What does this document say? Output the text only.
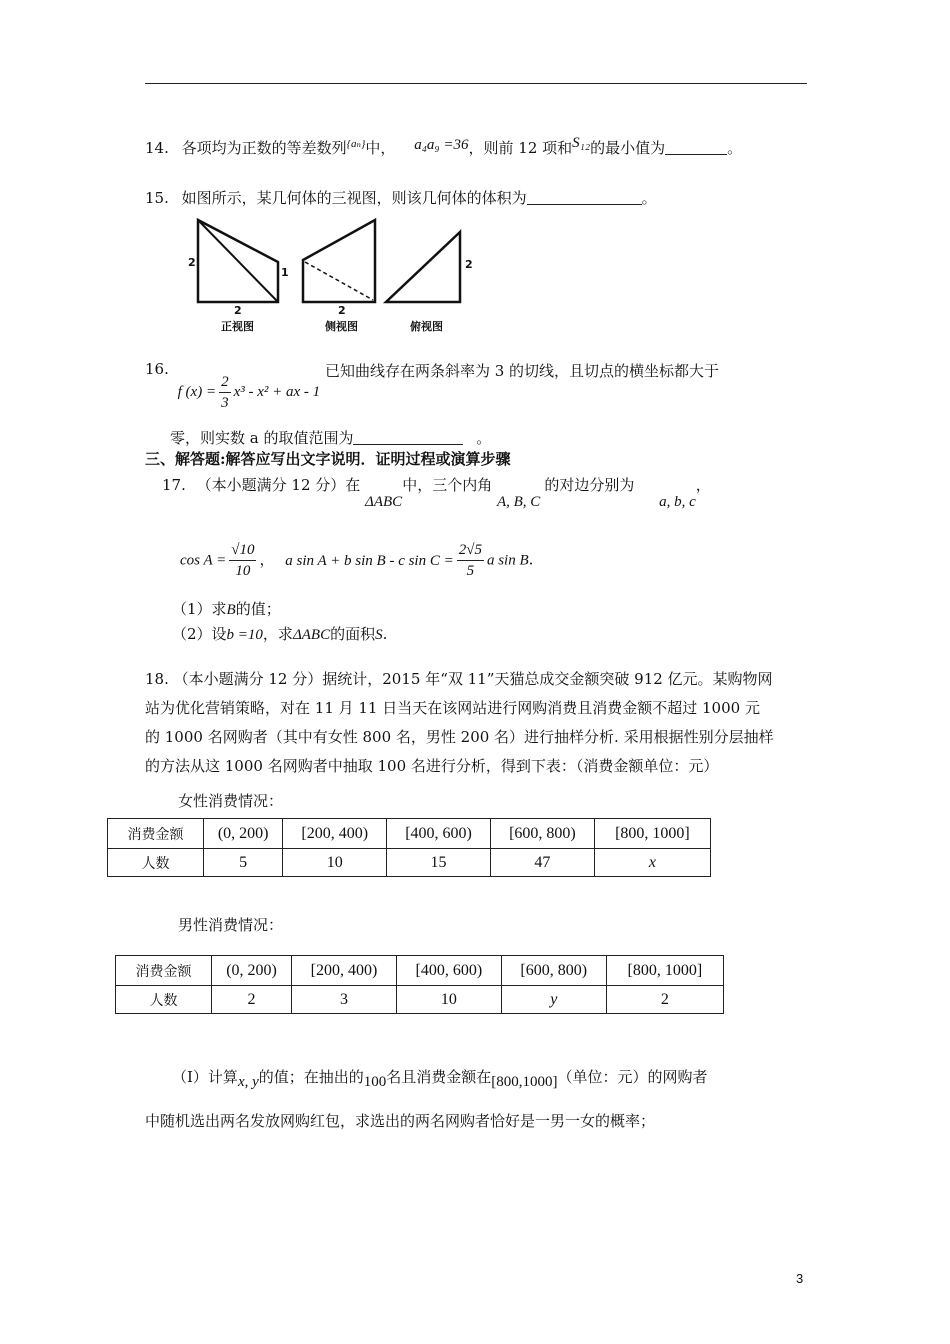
14. 各项均为正数的等差数列$^{\{a_n\}}$中， a₄a₉ =36，则前 12 项和S₁₂的最小值为	。
15. 如图所示，某几何体的三视图，则该几何体的体积为	。
2
1
2
正视图
2
侧视图
2
俯视图
16. f $(x) = \frac{2}{3} x^3 - x^2$ + ax - 1 已知曲线存在两条斜率为 3 的切线，且切点的横坐标都大于
零，则实数 a 的取值范围为	。
三、解答题:解答应写出文字说明．证明过程或演算步骤
17. （本小题满分 12 分）在 ΔABC中，三个内角 A, B, C的对边分别为 a, b, c，
$\cos A = \frac{√10}{10}$ ， a sin A + b sin B - c $\sin C = \frac{2√5}{5}$ a sin B.
（1）求B的值；
（2）设b =10，求ΔABC的面积S.
18. （本小题满分 12 分）据统计，2015 年“双 11”天猫总成交金额突破 912 亿元。某购物网
站为优化营销策略，对在 11 月 11 日当天在该网站进行网购消费且消费金额不超过 1000 元
的 1000 名网购者（其中有女性 800 名，男性 200 名）进行抽样分析. 采用根据性别分层抽样
的方法从这 1000 名网购者中抽取 100 名进行分析，得到下表：（消费金额单位：元）
女性消费情况：
消费金额	(0, 200)	[200, 400)	[400, 600)	[600, 800)	[800, 1000]
人数	5	10	15	47	x
男性消费情况：
消费金额	(0, 200)	[200, 400)	[400, 600)	[600, 800)	[800, 1000]
人数	2	3	10	y	2
（Ⅰ）计算x, y的值；在抽出的100名且消费金额在[800,1000]（单位：元）的网购者
中随机选出两名发放网购红包，求选出的两名网购者恰好是一男一女的概率；
3
